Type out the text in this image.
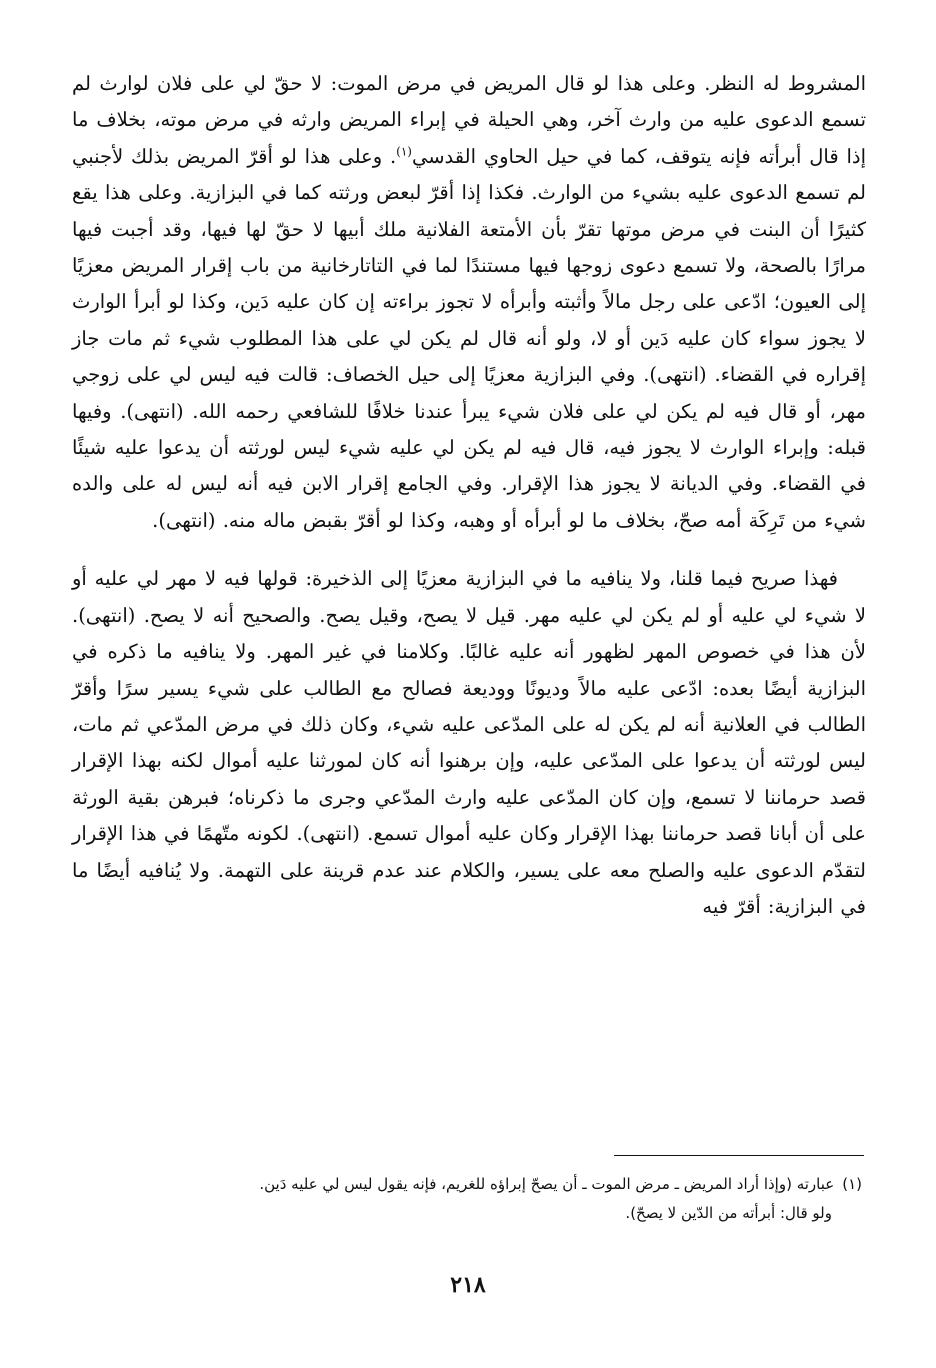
المشروط له النظر. وعلى هذا لو قال المريض في مرض الموت: لا حقّ لي على فلان لوارث لم تسمع الدعوى عليه من وارث آخر، وهي الحيلة في إبراء المريض وارثه في مرض موته، بخلاف ما إذا قال أبرأته فإنه يتوقف، كما في حيل الحاوي القدسي$^{(١)}$. وعلى هذا لو أقرّ المريض بذلك لأجنبي لم تسمع الدعوى عليه بشيء من الوارث. فكذا إذا أقرّ لبعض ورثته كما في البزازية. وعلى هذا يقع كثيرًا أن البنت في مرض موتها تقرّ بأن الأمتعة الفلانية ملك أبيها لا حقّ لها فيها، وقد أجبت فيها مرارًا بالصحة، ولا تسمع دعوى زوجها فيها مستندًا لما في التاتارخانية من باب إقرار المريض معزيًا إلى العيون؛ ادّعى على رجل مالاً وأثبته وأبرأه لا تجوز براءته إن كان عليه دَين، وكذا لو أبرأ الوارث لا يجوز سواء كان عليه دَين أو لا، ولو أنه قال لم يكن لي على هذا المطلوب شيء ثم مات جاز إقراره في القضاء. (انتهى). وفي البزازية معزيًا إلى حيل الخصاف: قالت فيه ليس لي على زوجي مهر، أو قال فيه لم يكن لي على فلان شيء يبرأ عندنا خلافًا للشافعي رحمه الله. (انتهى). وفيها قبله: وإبراء الوارث لا يجوز فيه، قال فيه لم يكن لي عليه شيء ليس لورثته أن يدعوا عليه شيئًا في القضاء. وفي الديانة لا يجوز هذا الإقرار. وفي الجامع إقرار الابن فيه أنه ليس له على والده شيء من تَرِكَة أمه صحّ، بخلاف ما لو أبرأه أو وهبه، وكذا لو أقرّ بقبض ماله منه. (انتهى).

فهذا صريح فيما قلنا، ولا ينافيه ما في البزازية معزيًا إلى الذخيرة: قولها فيه لا مهر لي عليه أو لا شيء لي عليه أو لم يكن لي عليه مهر. قيل لا يصح، وقيل يصح. والصحيح أنه لا يصح. (انتهى). لأن هذا في خصوص المهر لظهور أنه عليه غالبًا. وكلامنا في غير المهر. ولا ينافيه ما ذكره في البزازية أيضًا بعده: ادّعى عليه مالاً وديونًا ووديعة فصالح مع الطالب على شيء يسير سرًا وأقرّ الطالب في العلانية أنه لم يكن له على المدّعى عليه شيء، وكان ذلك في مرض المدّعي ثم مات، ليس لورثته أن يدعوا على المدّعى عليه، وإن برهنوا أنه كان لمورثنا عليه أموال لكنه بهذا الإقرار قصد حرماننا لا تسمع، وإن كان المدّعى عليه وارث المدّعي وجرى ما ذكرناه؛ فبرهن بقية الورثة على أن أبانا قصد حرماننا بهذا الإقرار وكان عليه أموال تسمع. (انتهى). لكونه متّهمًا في هذا الإقرار لتقدّم الدعوى عليه والصلح معه على يسير، والكلام عند عدم قرينة على التهمة. ولا يُنافيه أيضًا ما في البزازية: أقرّ فيه

(١)عبارته (وإذا أراد المريض ـ مرض الموت ـ أن يصحّ إبراؤه للغريم، فإنه يقول ليس لي عليه دَين.
ولو قال: أبرأته من الدّين لا يصحّ).
٢١٨
